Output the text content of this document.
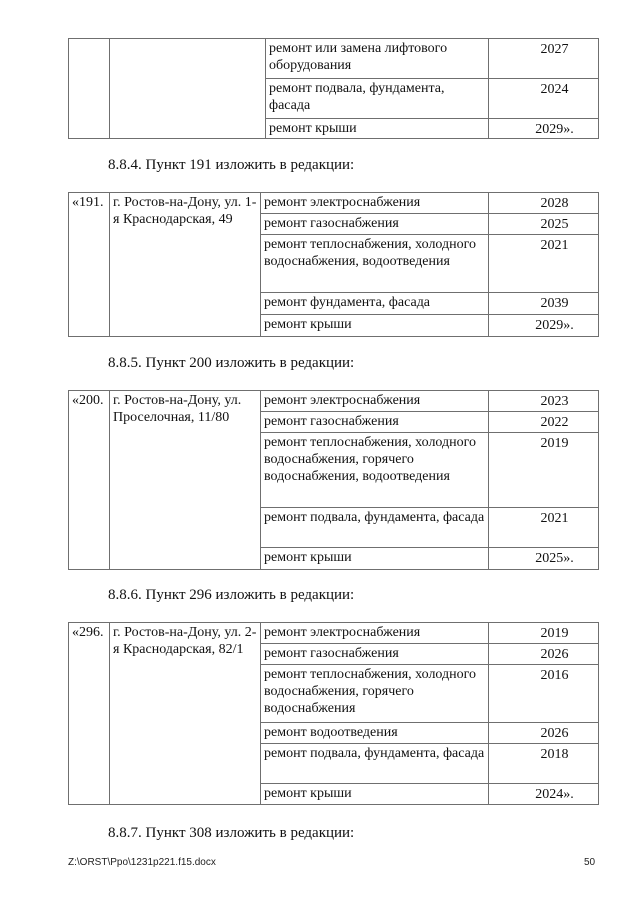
		ремонт или замена лифтового оборудования	2027
		ремонт подвала, фундамента, фасада	2024
		ремонт крыши	2029».
8.8.4. Пункт 191 изложить в редакции:
«191.	г. Ростов-на-Дону, ул. 1-я Краснодарская, 49	ремонт электроснабжения	2028
		ремонт газоснабжения	2025
		ремонт теплоснабжения, холодного водоснабжения, водоотведения	2021
		ремонт фундамента, фасада	2039
		ремонт крыши	2029».
8.8.5. Пункт 200 изложить в редакции:
«200.	г. Ростов-на-Дону, ул. Проселочная, 11/80	ремонт электроснабжения	2023
		ремонт газоснабжения	2022
		ремонт теплоснабжения, холодного водоснабжения, горячего водоснабжения, водоотведения	2019
		ремонт подвала, фундамента, фасада	2021
		ремонт крыши	2025».
8.8.6. Пункт 296 изложить в редакции:
«296.	г. Ростов-на-Дону, ул. 2-я Краснодарская, 82/1	ремонт электроснабжения	2019
		ремонт газоснабжения	2026
		ремонт теплоснабжения, холодного водоснабжения, горячего водоснабжения	2016
		ремонт водоотведения	2026
		ремонт подвала, фундамента, фасада	2018
		ремонт крыши	2024».
8.8.7. Пункт 308 изложить в редакции:
Z:\ORST\Ppo\1231p221.f15.docx	50
